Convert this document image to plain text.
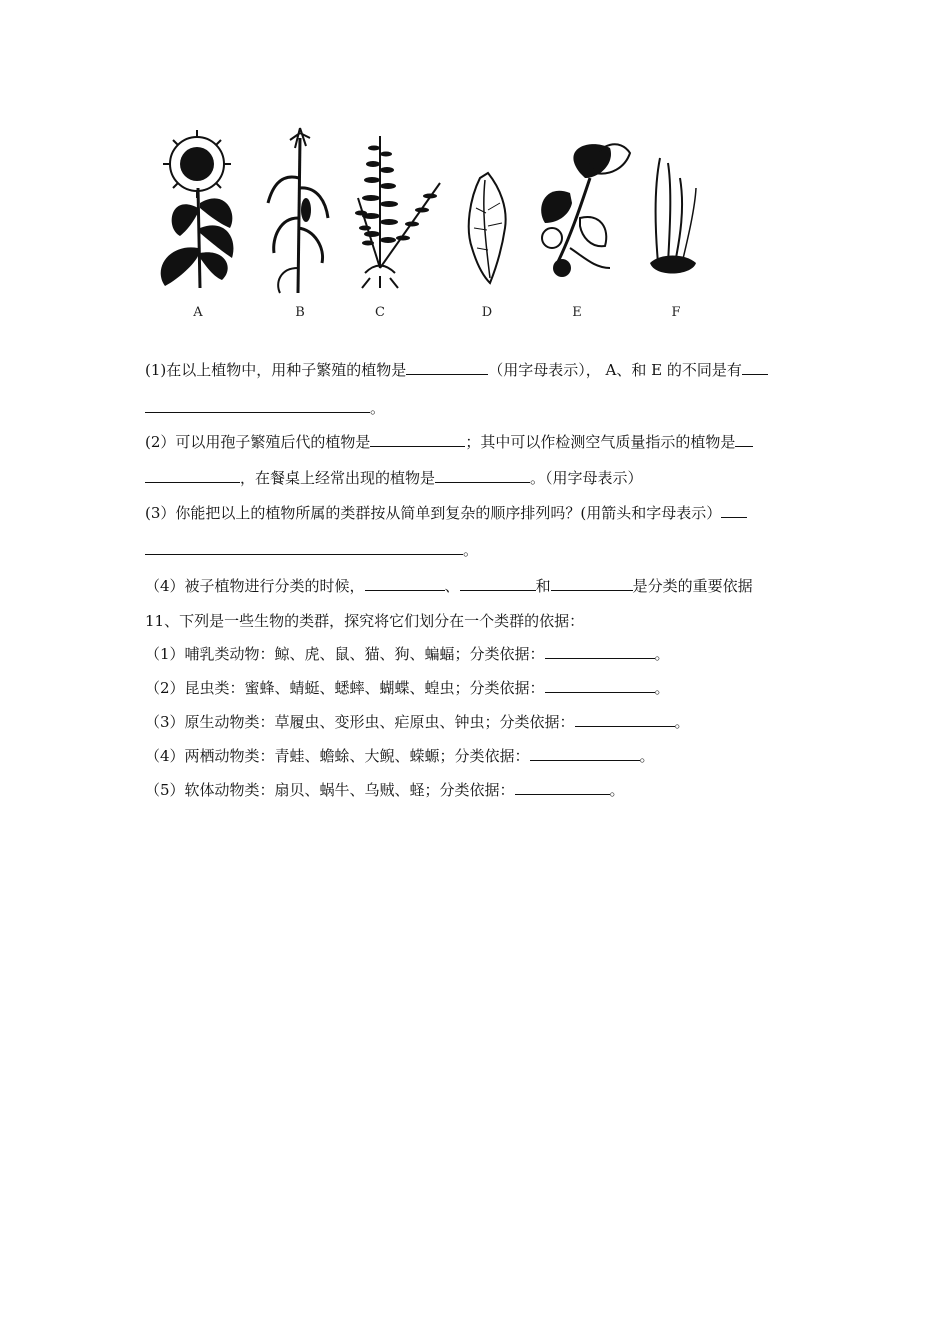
A	B	C	D	E	F
(1)在以上植物中，用种子繁殖的植物是	（用字母表示）， A、和 E 的不同是有
。
(2）可以用孢子繁殖后代的植物是	；其中可以作检测空气质量指示的植物是
，在餐桌上经常出现的植物是	。（用字母表示）
(3）你能把以上的植物所属的类群按从简单到复杂的顺序排列吗？(用箭头和字母表示）
。
（4）被子植物进行分类的时候，	、	和	是分类的重要依据
11、下列是一些生物的类群，探究将它们划分在一个类群的依据：
（1）哺乳类动物：鲸、虎、鼠、猫、狗、蝙蝠；分类依据：	。
（2）昆虫类：蜜蜂、蜻蜓、蟋蟀、蝴蝶、蝗虫；分类依据：	。
（3）原生动物类：草履虫、变形虫、疟原虫、钟虫；分类依据：	。
（4）两栖动物类：青蛙、蟾蜍、大鲵、蝾螈；分类依据：	。
（5）软体动物类：扇贝、蜗牛、乌贼、蛏；分类依据：	。
